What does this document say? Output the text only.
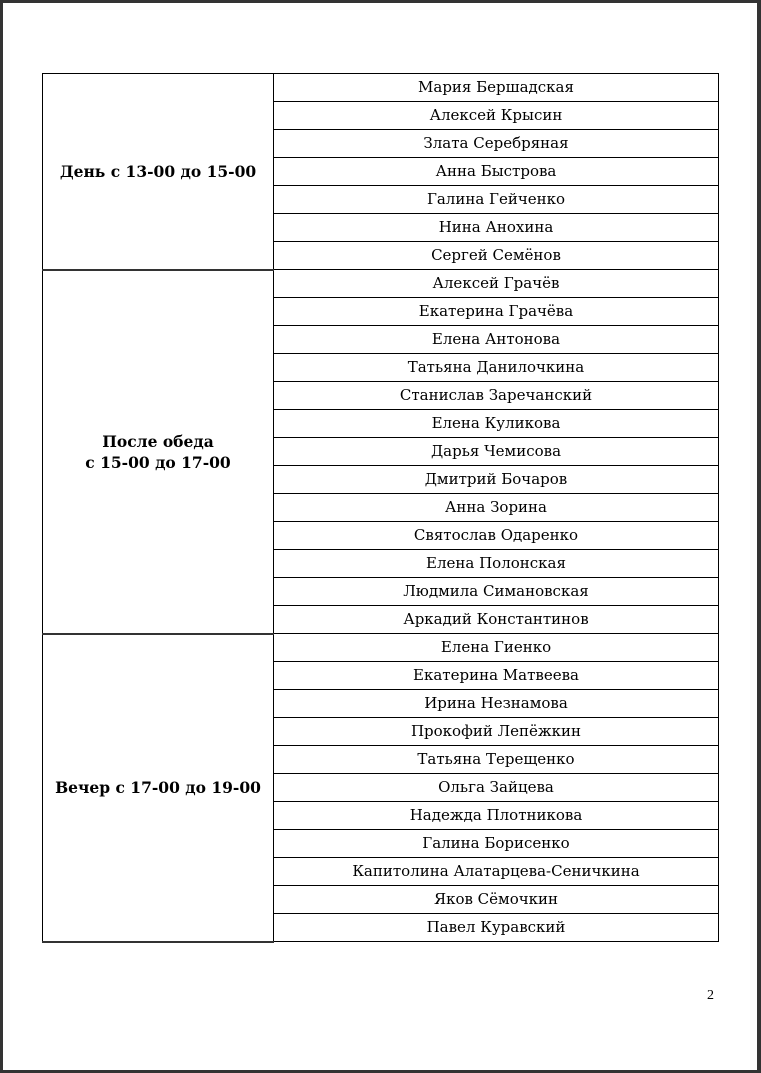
День с 13-00 до 15-00	Мария Бершадская
	Алексей Крысин
	Злата Серебряная
	Анна Быстрова
	Галина Гейченко
	Нина Анохина
	Сергей Семёнов

После обеда
с 15-00 до 17-00	Алексей Грачёв
	Екатерина Грачёва
	Елена Антонова
	Татьяна Данилочкина
	Станислав Заречанский
	Елена Куликова
	Дарья Чемисова
	Дмитрий Бочаров
	Анна Зорина
	Святослав Одаренко
	Елена Полонская
	Людмила Симановская
	Аркадий Константинов

Вечер с 17-00 до 19-00	Елена Гиенко
	Екатерина Матвеева
	Ирина Незнамова
	Прокофий Лепёжкин
	Татьяна Терещенко
	Ольга Зайцева
	Надежда Плотникова
	Галина Борисенко
	Капитолина Алатарцева-Сеничкина
	Яков Сёмочкин
	Павел Куравский
2
